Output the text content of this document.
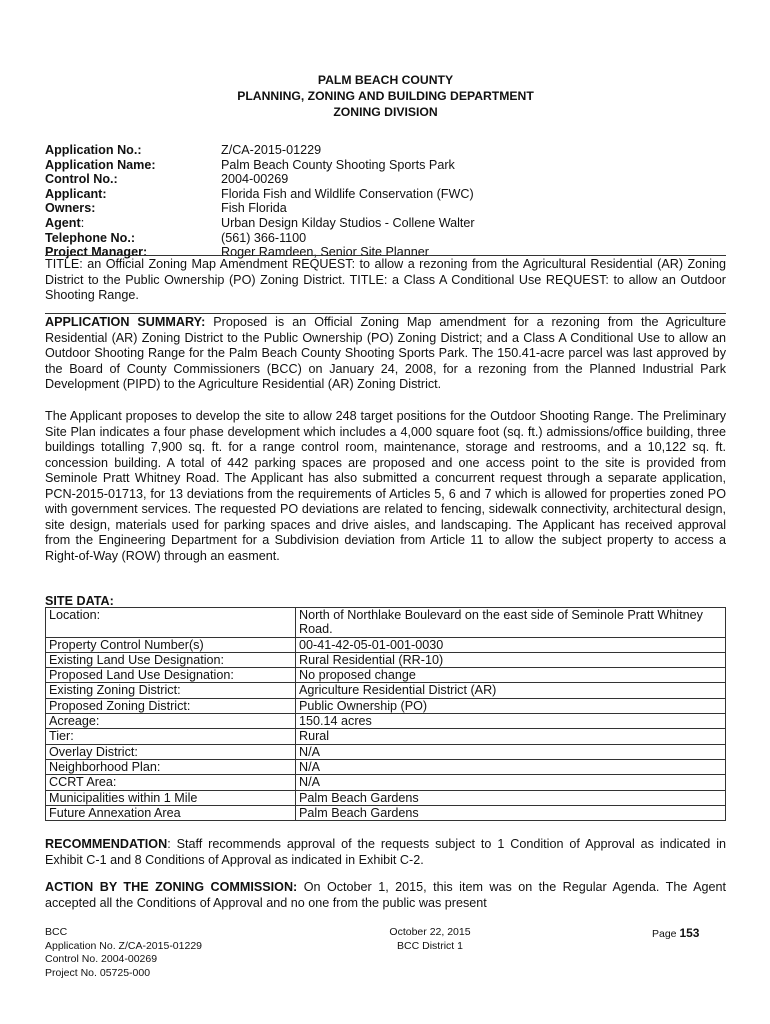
PALM BEACH COUNTY
PLANNING, ZONING AND BUILDING DEPARTMENT
ZONING DIVISION
Application No.:	Z/CA-2015-01229
Application Name:	Palm Beach County Shooting Sports Park
Control No.:	2004-00269
Applicant:	Florida Fish and Wildlife Conservation (FWC)
Owners:	Fish Florida
Agent:	Urban Design Kilday Studios - Collene Walter
Telephone No.:	(561) 366-1100
Project Manager:	Roger Ramdeen, Senior Site Planner
TITLE: an Official Zoning Map Amendment REQUEST: to allow a rezoning from the Agricultural Residential (AR) Zoning District to the Public Ownership (PO) Zoning District. TITLE: a Class A Conditional Use REQUEST: to allow an Outdoor Shooting Range.
APPLICATION SUMMARY: Proposed is an Official Zoning Map amendment for a rezoning from the Agriculture Residential (AR) Zoning District to the Public Ownership (PO) Zoning District; and a Class A Conditional Use to allow an Outdoor Shooting Range for the Palm Beach County Shooting Sports Park. The 150.41-acre parcel was last approved by the Board of County Commissioners (BCC) on January 24, 2008, for a rezoning from the Planned Industrial Park Development (PIPD) to the Agriculture Residential (AR) Zoning District.
The Applicant proposes to develop the site to allow 248 target positions for the Outdoor Shooting Range. The Preliminary Site Plan indicates a four phase development which includes a 4,000 square foot (sq. ft.) admissions/office building, three buildings totalling 7,900 sq. ft. for a range control room, maintenance, storage and restrooms, and a 10,122 sq. ft. concession building. A total of 442 parking spaces are proposed and one access point to the site is provided from Seminole Pratt Whitney Road. The Applicant has also submitted a concurrent request through a separate application, PCN-2015-01713, for 13 deviations from the requirements of Articles 5, 6 and 7 which is allowed for properties zoned PO with government services. The requested PO deviations are related to fencing, sidewalk connectivity, architectural design, site design, materials used for parking spaces and drive aisles, and landscaping. The Applicant has received approval from the Engineering Department for a Subdivision deviation from Article 11 to allow the subject property to access a Right-of-Way (ROW) through an easment.
SITE DATA:
Location:	North of Northlake Boulevard on the east side of Seminole Pratt Whitney Road.
Property Control Number(s)	00-41-42-05-01-001-0030
Existing Land Use Designation:	Rural Residential (RR-10)
Proposed Land Use Designation:	No proposed change
Existing Zoning District:	Agriculture Residential District (AR)
Proposed Zoning District:	Public Ownership (PO)
Acreage:	150.14 acres
Tier:	Rural
Overlay District:	N/A
Neighborhood Plan:	N/A
CCRT Area:	N/A
Municipalities within 1 Mile	Palm Beach Gardens
Future Annexation Area	Palm Beach Gardens
RECOMMENDATION: Staff recommends approval of the requests subject to 1 Condition of Approval as indicated in Exhibit C-1 and 8 Conditions of Approval as indicated in Exhibit C-2.
ACTION BY THE ZONING COMMISSION: On October 1, 2015, this item was on the Regular Agenda. The Agent accepted all the Conditions of Approval and no one from the public was present
BCC
Application No. Z/CA-2015-01229
Control No. 2004-00269
Project No. 05725-000
October 22, 2015
BCC District 1
Page 153
